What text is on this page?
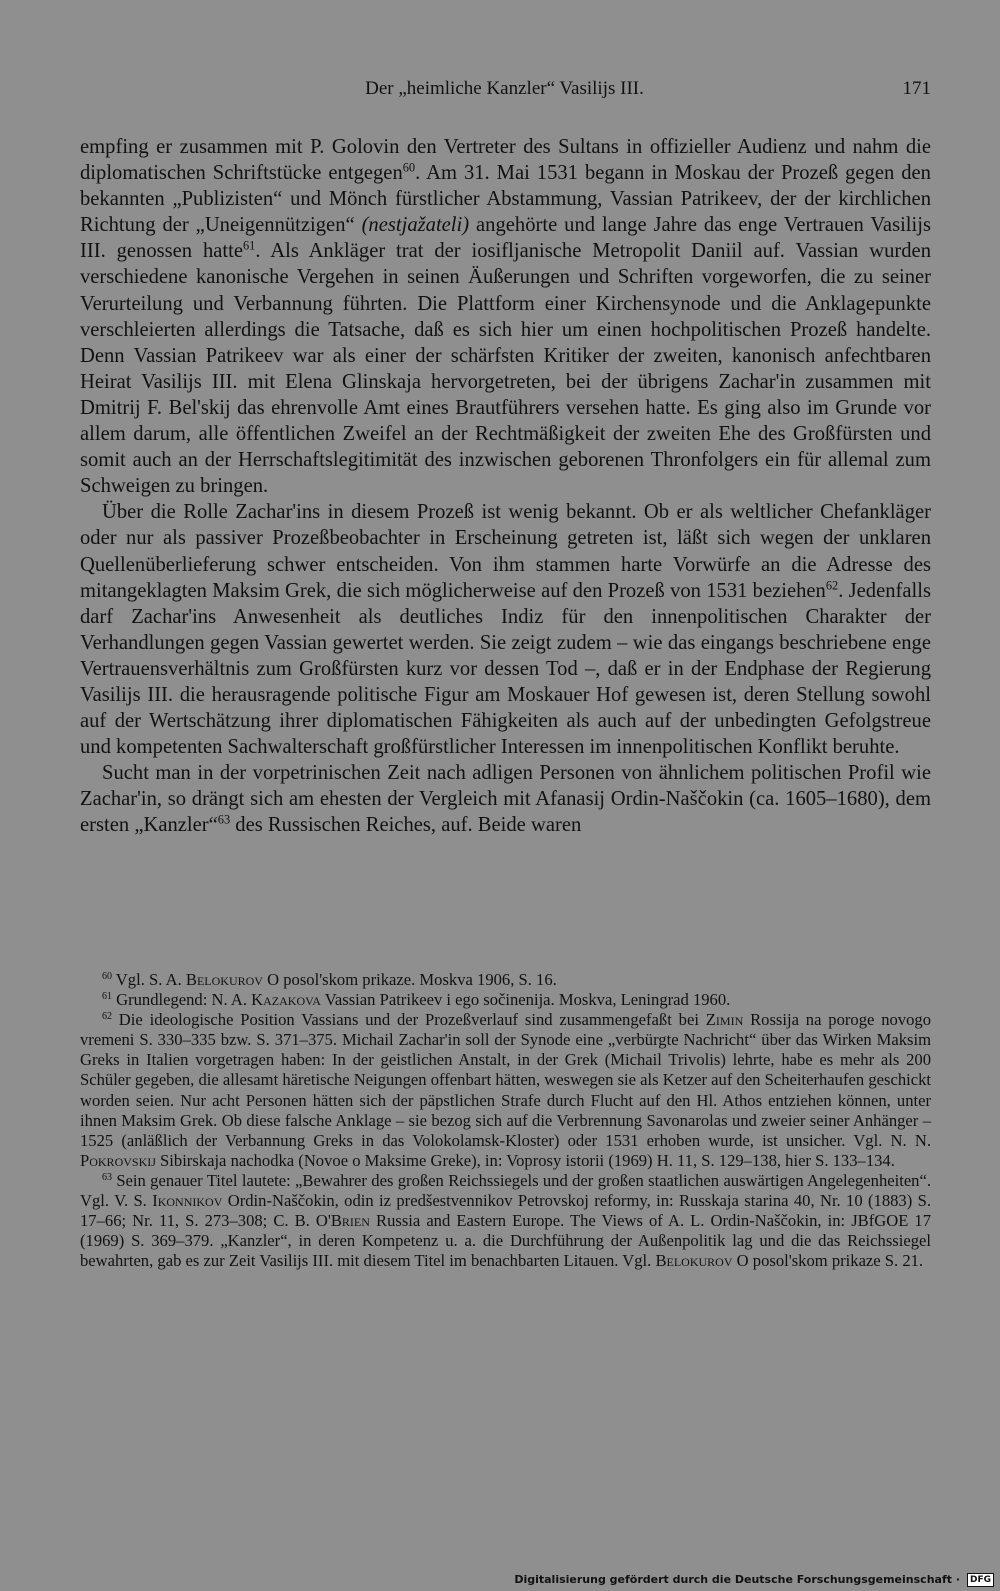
Der „heimliche Kanzler“ Vasilijs III.	171

empfing er zusammen mit P. Golovin den Vertreter des Sultans in offizieller Audienz und nahm die diplomatischen Schriftstücke entgegen$^{60}$. Am 31. Mai 1531 begann in Moskau der Prozeß gegen den bekannten „Publizisten“ und Mönch fürstlicher Abstammung, Vassian Patrikeev, der der kirchlichen Richtung der „Uneigennützigen“ (nestjažateli) angehörte und lange Jahre das enge Vertrauen Vasilijs III. genossen hatte$^{61}$. Als Ankläger trat der iosifljanische Metropolit Daniil auf. Vassian wurden verschiedene kanonische Vergehen in seinen Äußerungen und Schriften vorgeworfen, die zu seiner Verurteilung und Verbannung führten. Die Plattform einer Kirchensynode und die Anklagepunkte verschleierten allerdings die Tatsache, daß es sich hier um einen hochpolitischen Prozeß handelte. Denn Vassian Patrikeev war als einer der schärfsten Kritiker der zweiten, kanonisch anfechtbaren Heirat Vasilijs III. mit Elena Glinskaja hervorgetreten, bei der übrigens Zachar'in zusammen mit Dmitrij F. Bel'skij das ehrenvolle Amt eines Brautführers versehen hatte. Es ging also im Grunde vor allem darum, alle öffentlichen Zweifel an der Rechtmäßigkeit der zweiten Ehe des Großfürsten und somit auch an der Herrschaftslegitimität des inzwischen geborenen Thronfolgers ein für allemal zum Schweigen zu bringen.

Über die Rolle Zachar'ins in diesem Prozeß ist wenig bekannt. Ob er als weltlicher Chefankläger oder nur als passiver Prozeßbeobachter in Erscheinung getreten ist, läßt sich wegen der unklaren Quellenüberlieferung schwer entscheiden. Von ihm stammen harte Vorwürfe an die Adresse des mitangeklagten Maksim Grek, die sich möglicherweise auf den Prozeß von 1531 beziehen$^{62}$. Jedenfalls darf Zachar'ins Anwesenheit als deutliches Indiz für den innenpolitischen Charakter der Verhandlungen gegen Vassian gewertet werden. Sie zeigt zudem – wie das eingangs beschriebene enge Vertrauensverhältnis zum Großfürsten kurz vor dessen Tod –, daß er in der Endphase der Regierung Vasilijs III. die herausragende politische Figur am Moskauer Hof gewesen ist, deren Stellung sowohl auf der Wertschätzung ihrer diplomatischen Fähigkeiten als auch auf der unbedingten Gefolgstreue und kompetenten Sachwalterschaft großfürstlicher Interessen im innenpolitischen Konflikt beruhte.

Sucht man in der vorpetrinischen Zeit nach adligen Personen von ähnlichem politischen Profil wie Zachar'in, so drängt sich am ehesten der Vergleich mit Afanasij Ordin-Naščokin (ca. 1605–1680), dem ersten „Kanzler“$^{63}$ des Russischen Reiches, auf. Beide waren

$^{60}$ Vgl. S. A. Belokurov O posol'skom prikaze. Moskva 1906, S. 16.

$^{61}$ Grundlegend: N. A. Kazakova Vassian Patrikeev i ego sočinenija. Moskva, Leningrad 1960.

$^{62}$ Die ideologische Position Vassians und der Prozeßverlauf sind zusammengefaßt bei Zimin Rossija na poroge novogo vremeni S. 330–335 bzw. S. 371–375. Michail Zachar'in soll der Synode eine „verbürgte Nachricht“ über das Wirken Maksim Greks in Italien vorgetragen haben: In der geistlichen Anstalt, in der Grek (Michail Trivolis) lehrte, habe es mehr als 200 Schüler gegeben, die allesamt häretische Neigungen offenbart hätten, weswegen sie als Ketzer auf den Scheiterhaufen geschickt worden seien. Nur acht Personen hätten sich der päpstlichen Strafe durch Flucht auf den Hl. Athos entziehen können, unter ihnen Maksim Grek. Ob diese falsche Anklage – sie bezog sich auf die Verbrennung Savonarolas und zweier seiner Anhänger – 1525 (anläßlich der Verbannung Greks in das Volokolamsk-Kloster) oder 1531 erhoben wurde, ist unsicher. Vgl. N. N. Pokrovskij Sibirskaja nachodka (Novoe o Maksime Greke), in: Voprosy istorii (1969) H. 11, S. 129–138, hier S. 133–134.

$^{63}$ Sein genauer Titel lautete: „Bewahrer des großen Reichssiegels und der großen staatlichen auswärtigen Angelegenheiten“. Vgl. V. S. Ikonnikov Ordin-Naščokin, odin iz predšestvennikov Petrovskoj reformy, in: Russkaja starina 40, Nr. 10 (1883) S. 17–66; Nr. 11, S. 273–308; C. B. O'Brien Russia and Eastern Europe. The Views of A. L. Ordin-Naščokin, in: JBfGOE 17 (1969) S. 369–379. „Kanzler“, in deren Kompetenz u. a. die Durchführung der Außenpolitik lag und die das Reichssiegel bewahrten, gab es zur Zeit Vasilijs III. mit diesem Titel im benachbarten Litauen. Vgl. Belokurov O posol'skom prikaze S. 21.

Digitalisierung gefördert durch die Deutsche Forschungsgemeinschaft ·	DFG
